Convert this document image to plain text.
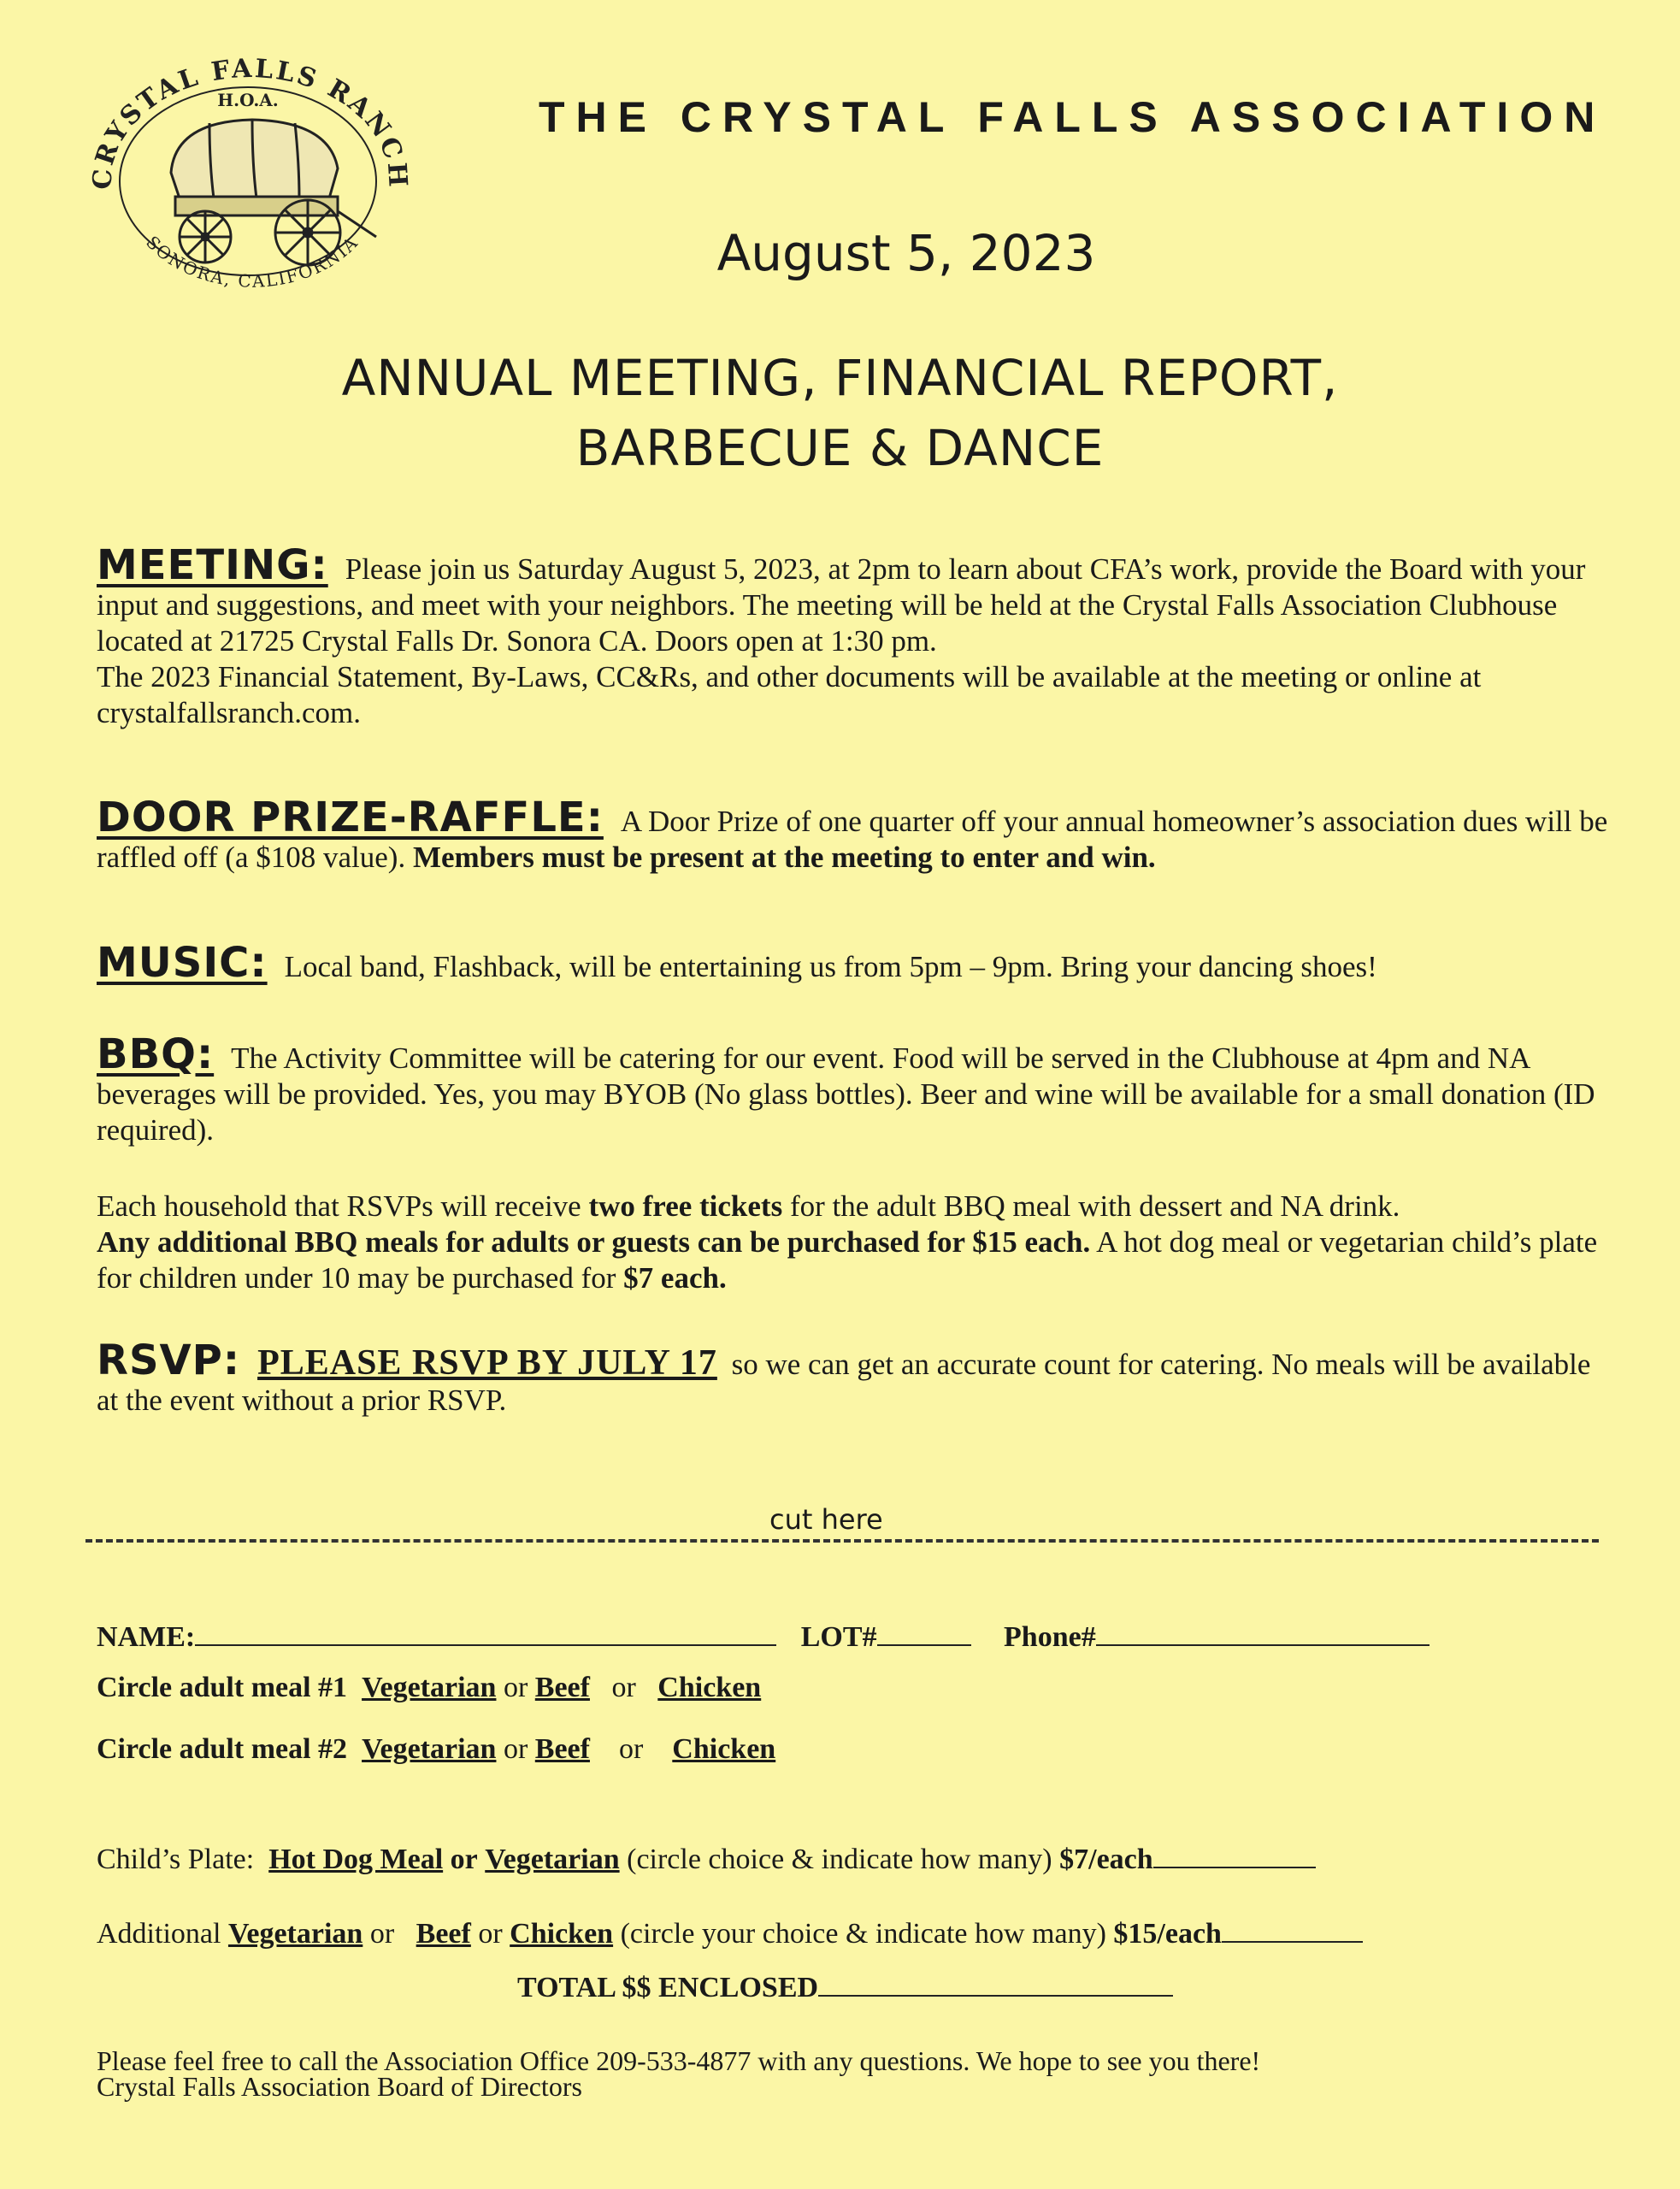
CRYSTAL FALLS RANCH
SONORA, CALIFORNIA
H.O.A.	THE CRYSTAL FALLS ASSOCIATION
August 5, 2023
ANNUAL MEETING, FINANCIAL REPORT,
BARBECUE & DANCE
MEETING: Please join us Saturday August 5, 2023, at 2pm to learn about CFA’s work, provide the Board with your input and suggestions, and meet with your neighbors. The meeting will be held at the Crystal Falls Association Clubhouse located at 21725 Crystal Falls Dr. Sonora CA. Doors open at 1:30 pm.
The 2023 Financial Statement, By-Laws, CC&Rs, and other documents will be available at the meeting or online at crystalfallsranch.com.
DOOR PRIZE-RAFFLE: A Door Prize of one quarter off your annual homeowner’s association dues will be raffled off (a $108 value). Members must be present at the meeting to enter and win.
MUSIC: Local band, Flashback, will be entertaining us from 5pm – 9pm. Bring your dancing shoes!
BBQ: The Activity Committee will be catering for our event. Food will be served in the Clubhouse at 4pm and NA beverages will be provided. Yes, you may BYOB (No glass bottles). Beer and wine will be available for a small donation (ID required).
Each household that RSVPs will receive two free tickets for the adult BBQ meal with dessert and NA drink.
Any additional BBQ meals for adults or guests can be purchased for $15 each. A hot dog meal or vegetarian child’s plate for children under 10 may be purchased for $7 each.
RSVP: PLEASE RSVP BY JULY 17 so we can get an accurate count for catering. No meals will be available at the event without a prior RSVP.
cut here
NAME:	LOT#	Phone#
Circle adult meal #1 Vegetarian or Beef or Chicken
Circle adult meal #2 Vegetarian or Beef or Chicken
Child’s Plate: Hot Dog Meal or Vegetarian (circle choice & indicate how many) $7/each
Additional Vegetarian or Beef or Chicken (circle your choice & indicate how many) $15/each
TOTAL $$ ENCLOSED
Please feel free to call the Association Office 209-533-4877 with any questions. We hope to see you there!
Crystal Falls Association Board of Directors
